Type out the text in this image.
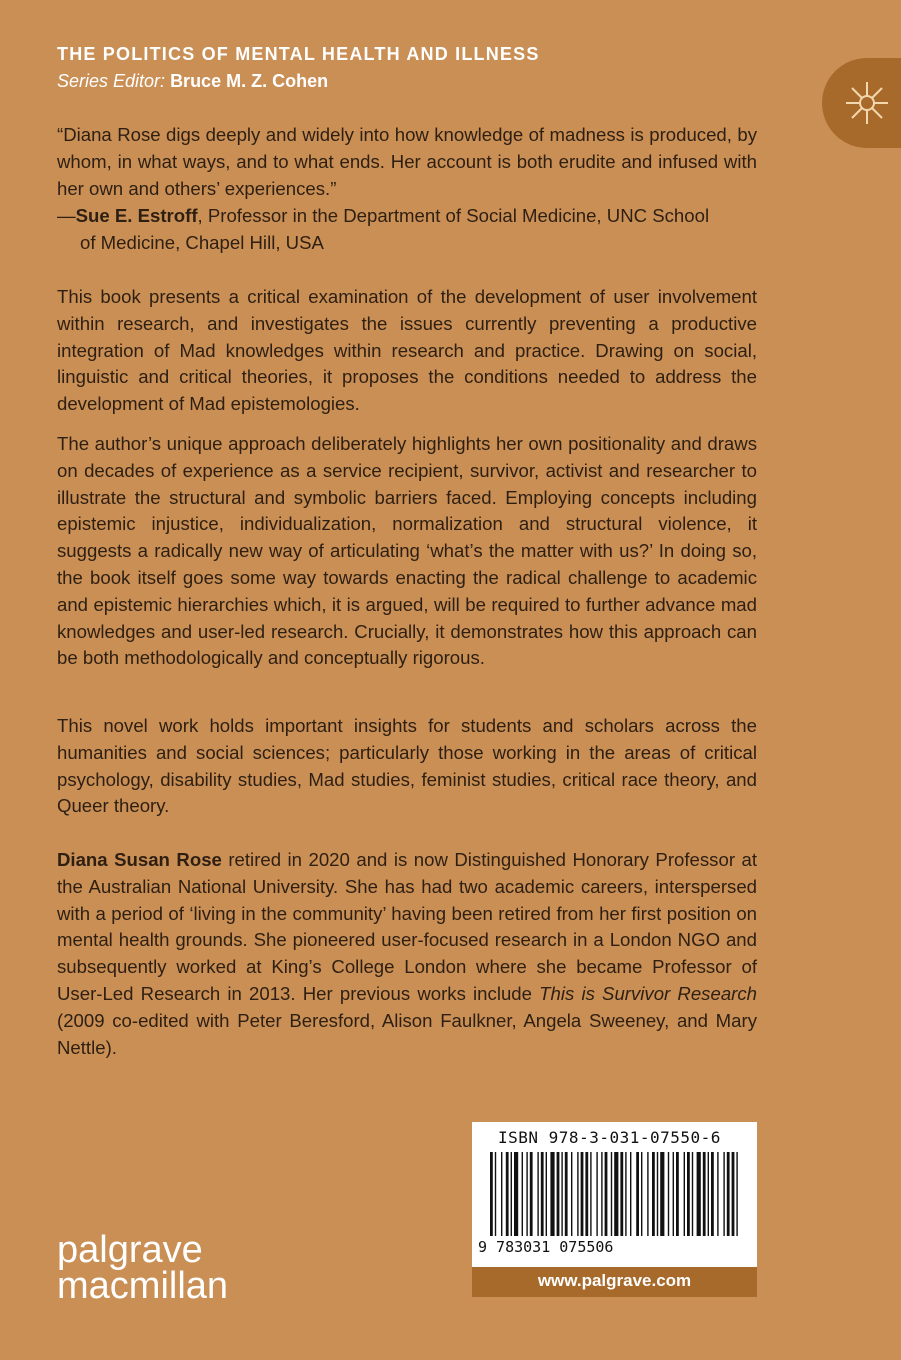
THE POLITICS OF MENTAL HEALTH AND ILLNESS
Series Editor: Bruce M. Z. Cohen
“Diana Rose digs deeply and widely into how knowledge of madness is produced, by whom, in what ways, and to what ends. Her account is both erudite and infused with her own and others’ experiences.”
—Sue E. Estroff, Professor in the Department of Social Medicine, UNC School
of Medicine, Chapel Hill, USA
This book presents a critical examination of the development of user involvement within research, and investigates the issues currently preventing a productive integration of Mad knowledges within research and practice. Drawing on social, linguistic and critical theories, it proposes the conditions needed to address the development of Mad epistemologies.
The author’s unique approach deliberately highlights her own positionality and draws on decades of experience as a service recipient, survivor, activist and researcher to illustrate the structural and symbolic barriers faced. Employing concepts including epistemic injustice, individualization, normalization and structural violence, it suggests a radically new way of articulating ‘what’s the matter with us?’ In doing so, the book itself goes some way towards enacting the radical challenge to academic and epistemic hierarchies which, it is argued, will be required to further advance mad knowledges and user-led research. Crucially, it demonstrates how this approach can be both methodologically and conceptually rigorous.
This novel work holds important insights for students and scholars across the humanities and social sciences; particularly those working in the areas of critical psychology, disability studies, Mad studies, feminist studies, critical race theory, and Queer theory.
Diana Susan Rose retired in 2020 and is now Distinguished Honorary Professor at the Australian National University. She has had two academic careers, interspersed with a period of ‘living in the community’ having been retired from her first position on mental health grounds. She pioneered user-focused research in a London NGO and subsequently worked at King’s College London where she became Professor of User-Led Research in 2013. Her previous works include This is Survivor Research (2009 co-edited with Peter Beresford, Alison Faulkner, Angela Sweeney, and Mary Nettle).
ISBN 978-3-031-07550-6
9 783031 075506
www.palgrave.com
palgrave
macmillan
